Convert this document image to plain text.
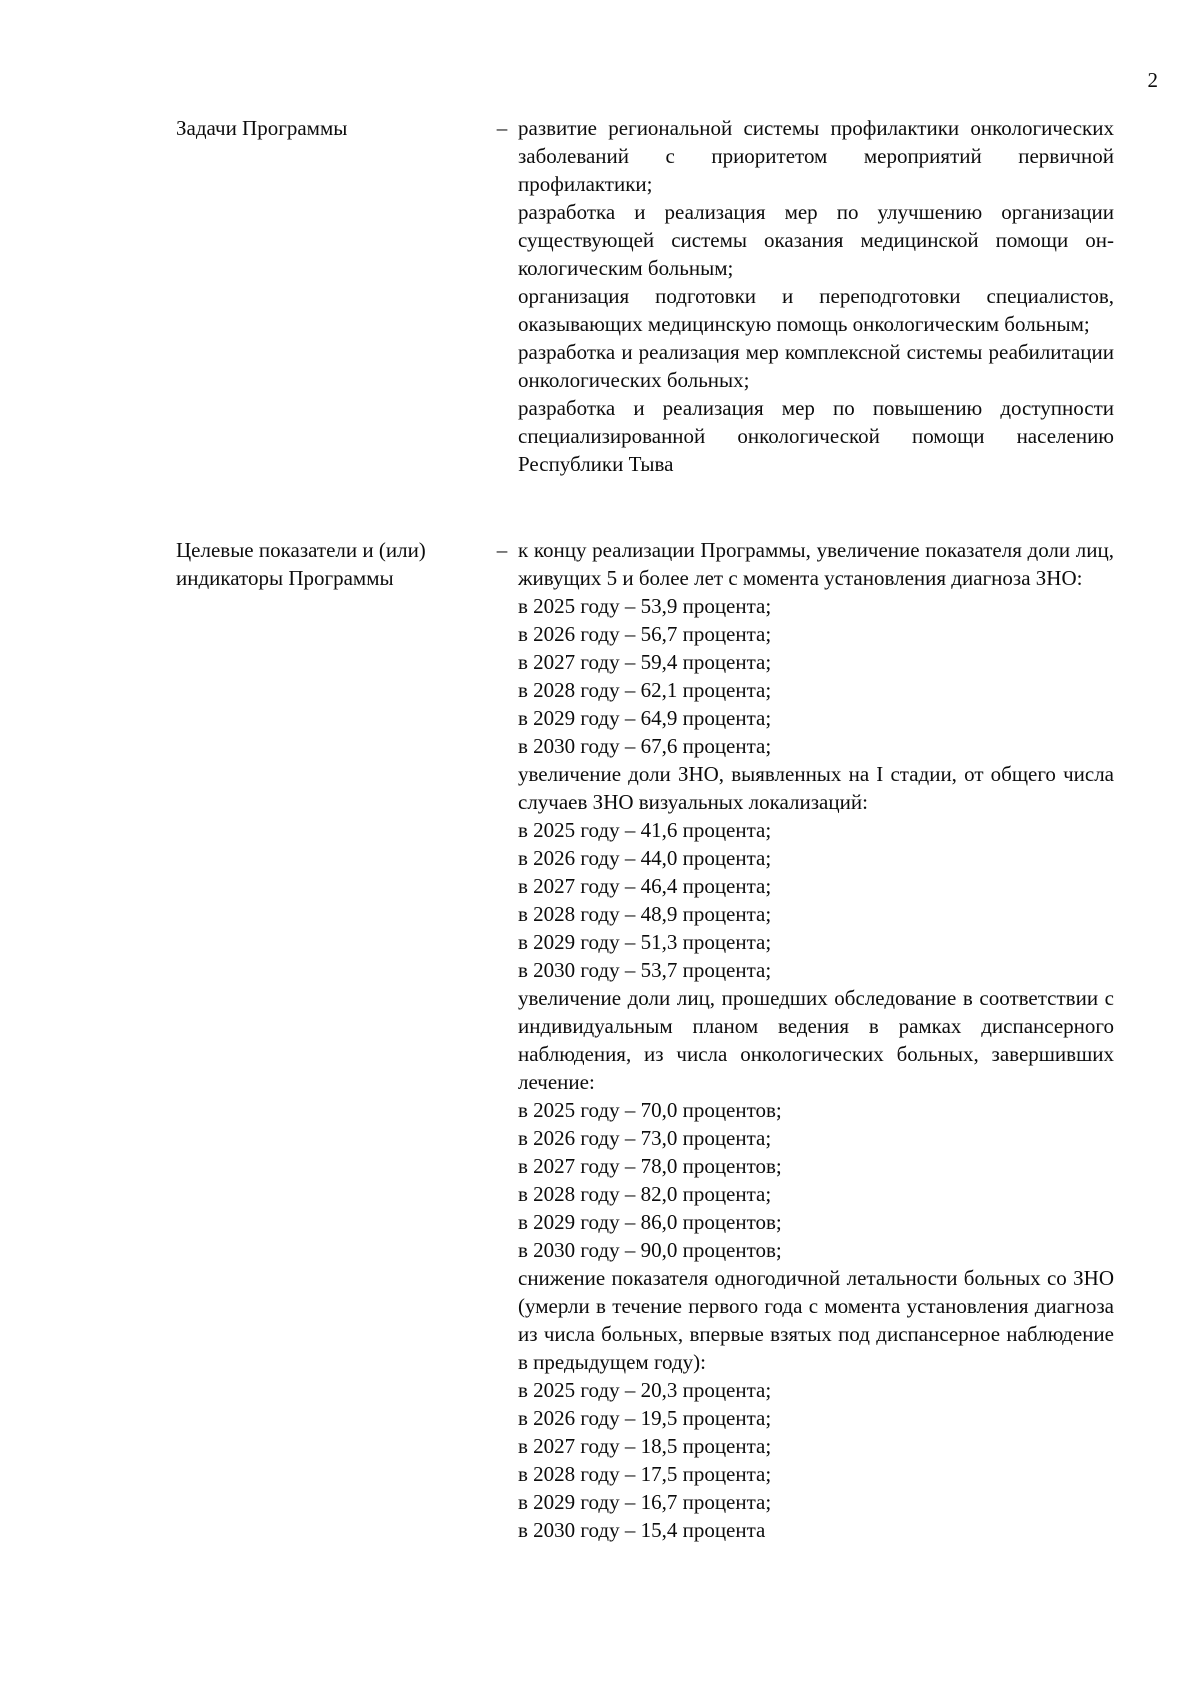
2
Задачи Программы	– развитие региональной системы профилактики онкологических заболеваний с приоритетом мероприятий первичной профилактики;

разработка и реализация мер по улучшению организации существующей системы оказания медицинской помощи онкологическим больным;

организация подготовки и переподготовки специалистов, оказывающих медицинскую помощь онкологическим больным;

разработка и реализация мер комплексной системы реабилитации онкологических больных;

разработка и реализация мер по повышению доступности специализированной онкологической помощи населению Республики Тыва

Целевые показатели и (или) индикаторы Программы
– к концу реализации Программы, увеличение показателя доли лиц, живущих 5 и более лет с момента установления диагноза ЗНО:

в 2025 году – 53,9 процента;

в 2026 году – 56,7 процента;

в 2027 году – 59,4 процента;

в 2028 году – 62,1 процента;

в 2029 году – 64,9 процента;

в 2030 году – 67,6 процента;

увеличение доли ЗНО, выявленных на I стадии, от общего числа случаев ЗНО визуальных локализаций:

в 2025 году – 41,6 процента;

в 2026 году – 44,0 процента;

в 2027 году – 46,4 процента;

в 2028 году – 48,9 процента;

в 2029 году – 51,3 процента;

в 2030 году – 53,7 процента;

увеличение доли лиц, прошедших обследование в соответствии с индивидуальным планом ведения в рамках диспансерного наблюдения, из числа онкологических больных, завершивших лечение:

в 2025 году – 70,0 процентов;

в 2026 году – 73,0 процента;

в 2027 году – 78,0 процентов;

в 2028 году – 82,0 процента;

в 2029 году – 86,0 процентов;

в 2030 году – 90,0 процентов;

снижение показателя одногодичной летальности больных со ЗНО (умерли в течение первого года с момента установления диагноза из числа больных, впервые взятых под диспансерное наблюдение в предыдущем году):

в 2025 году – 20,3 процента;

в 2026 году – 19,5 процента;

в 2027 году – 18,5 процента;

в 2028 году – 17,5 процента;

в 2029 году – 16,7 процента;

в 2030 году – 15,4 процента
